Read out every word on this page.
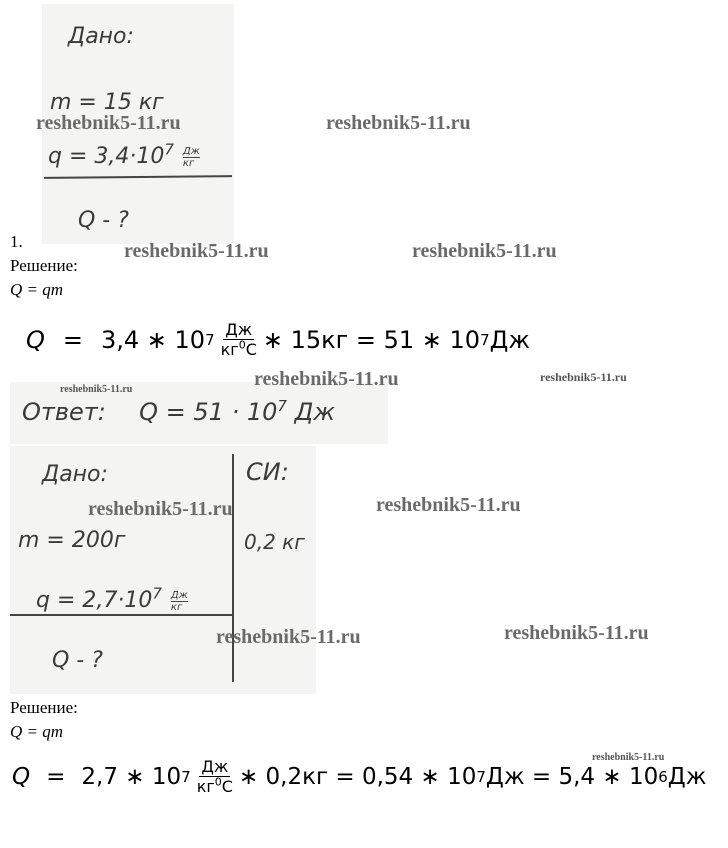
Дано:
m = 15 кг
$q = 3,4\cdot 10^7$ Дж
кг
Q - ?
1.
Решение:
Q = qm
Q = 3,4 ∗ 10 $7 \frac{Дж}{кг^0С}$ ∗ 15кг = 51 ∗ 10 7 Дж
Ответ: $Q = 51 \cdot 10^7$ Дж
Дано:	СИ:
m = 200г	0,2 кг
$q = 2,7\cdot 10^7$ Дж
кг
Q - ?
Решение:
Q = qm
Q = 2,7 ∗ 10 $7 \frac{Дж}{кг^0С}$ ∗ 0,2кг = 0,54 ∗ 10 7 Дж = 5,4 ∗ 10 6 Дж
reshebnik5-11.ru	reshebnik5-11.ru
reshebnik5-11.ru	reshebnik5-11.ru
reshebnik5-11.ru	reshebnik5-11.ru	reshebnik5-11.ru
reshebnik5-11.ru	reshebnik5-11.ru
reshebnik5-11.ru	reshebnik5-11.ru
reshebnik5-11.ru
